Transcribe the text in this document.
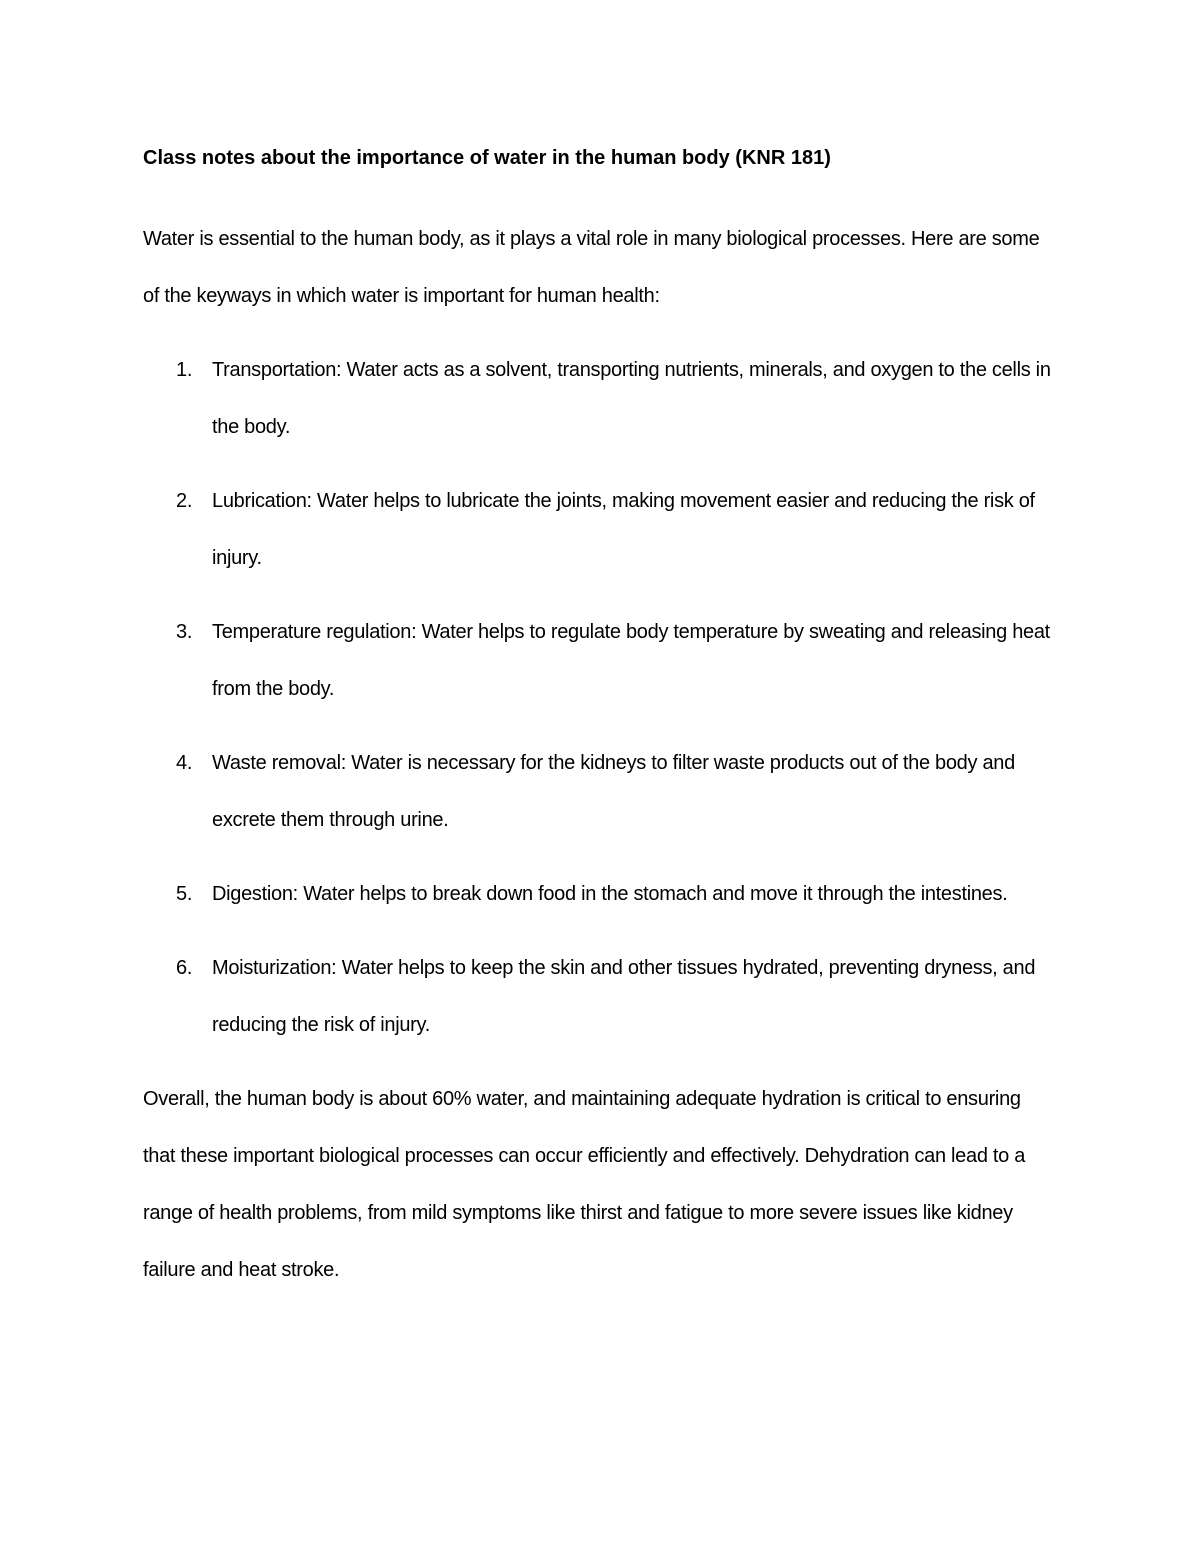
Class notes about the importance of water in the human body (KNR 181)

Water is essential to the human body, as it plays a vital role in many biological processes. Here are some of the keyways in which water is important for human health:

1. Transportation: Water acts as a solvent, transporting nutrients, minerals, and oxygen to the cells in the body.
2. Lubrication: Water helps to lubricate the joints, making movement easier and reducing the risk of injury.
3. Temperature regulation: Water helps to regulate body temperature by sweating and releasing heat from the body.
4. Waste removal: Water is necessary for the kidneys to filter waste products out of the body and excrete them through urine.
5. Digestion: Water helps to break down food in the stomach and move it through the intestines.
6. Moisturization: Water helps to keep the skin and other tissues hydrated, preventing dryness, and reducing the risk of injury.

Overall, the human body is about 60% water, and maintaining adequate hydration is critical to ensuring that these important biological processes can occur efficiently and effectively. Dehydration can lead to a range of health problems, from mild symptoms like thirst and fatigue to more severe issues like kidney failure and heat stroke.
